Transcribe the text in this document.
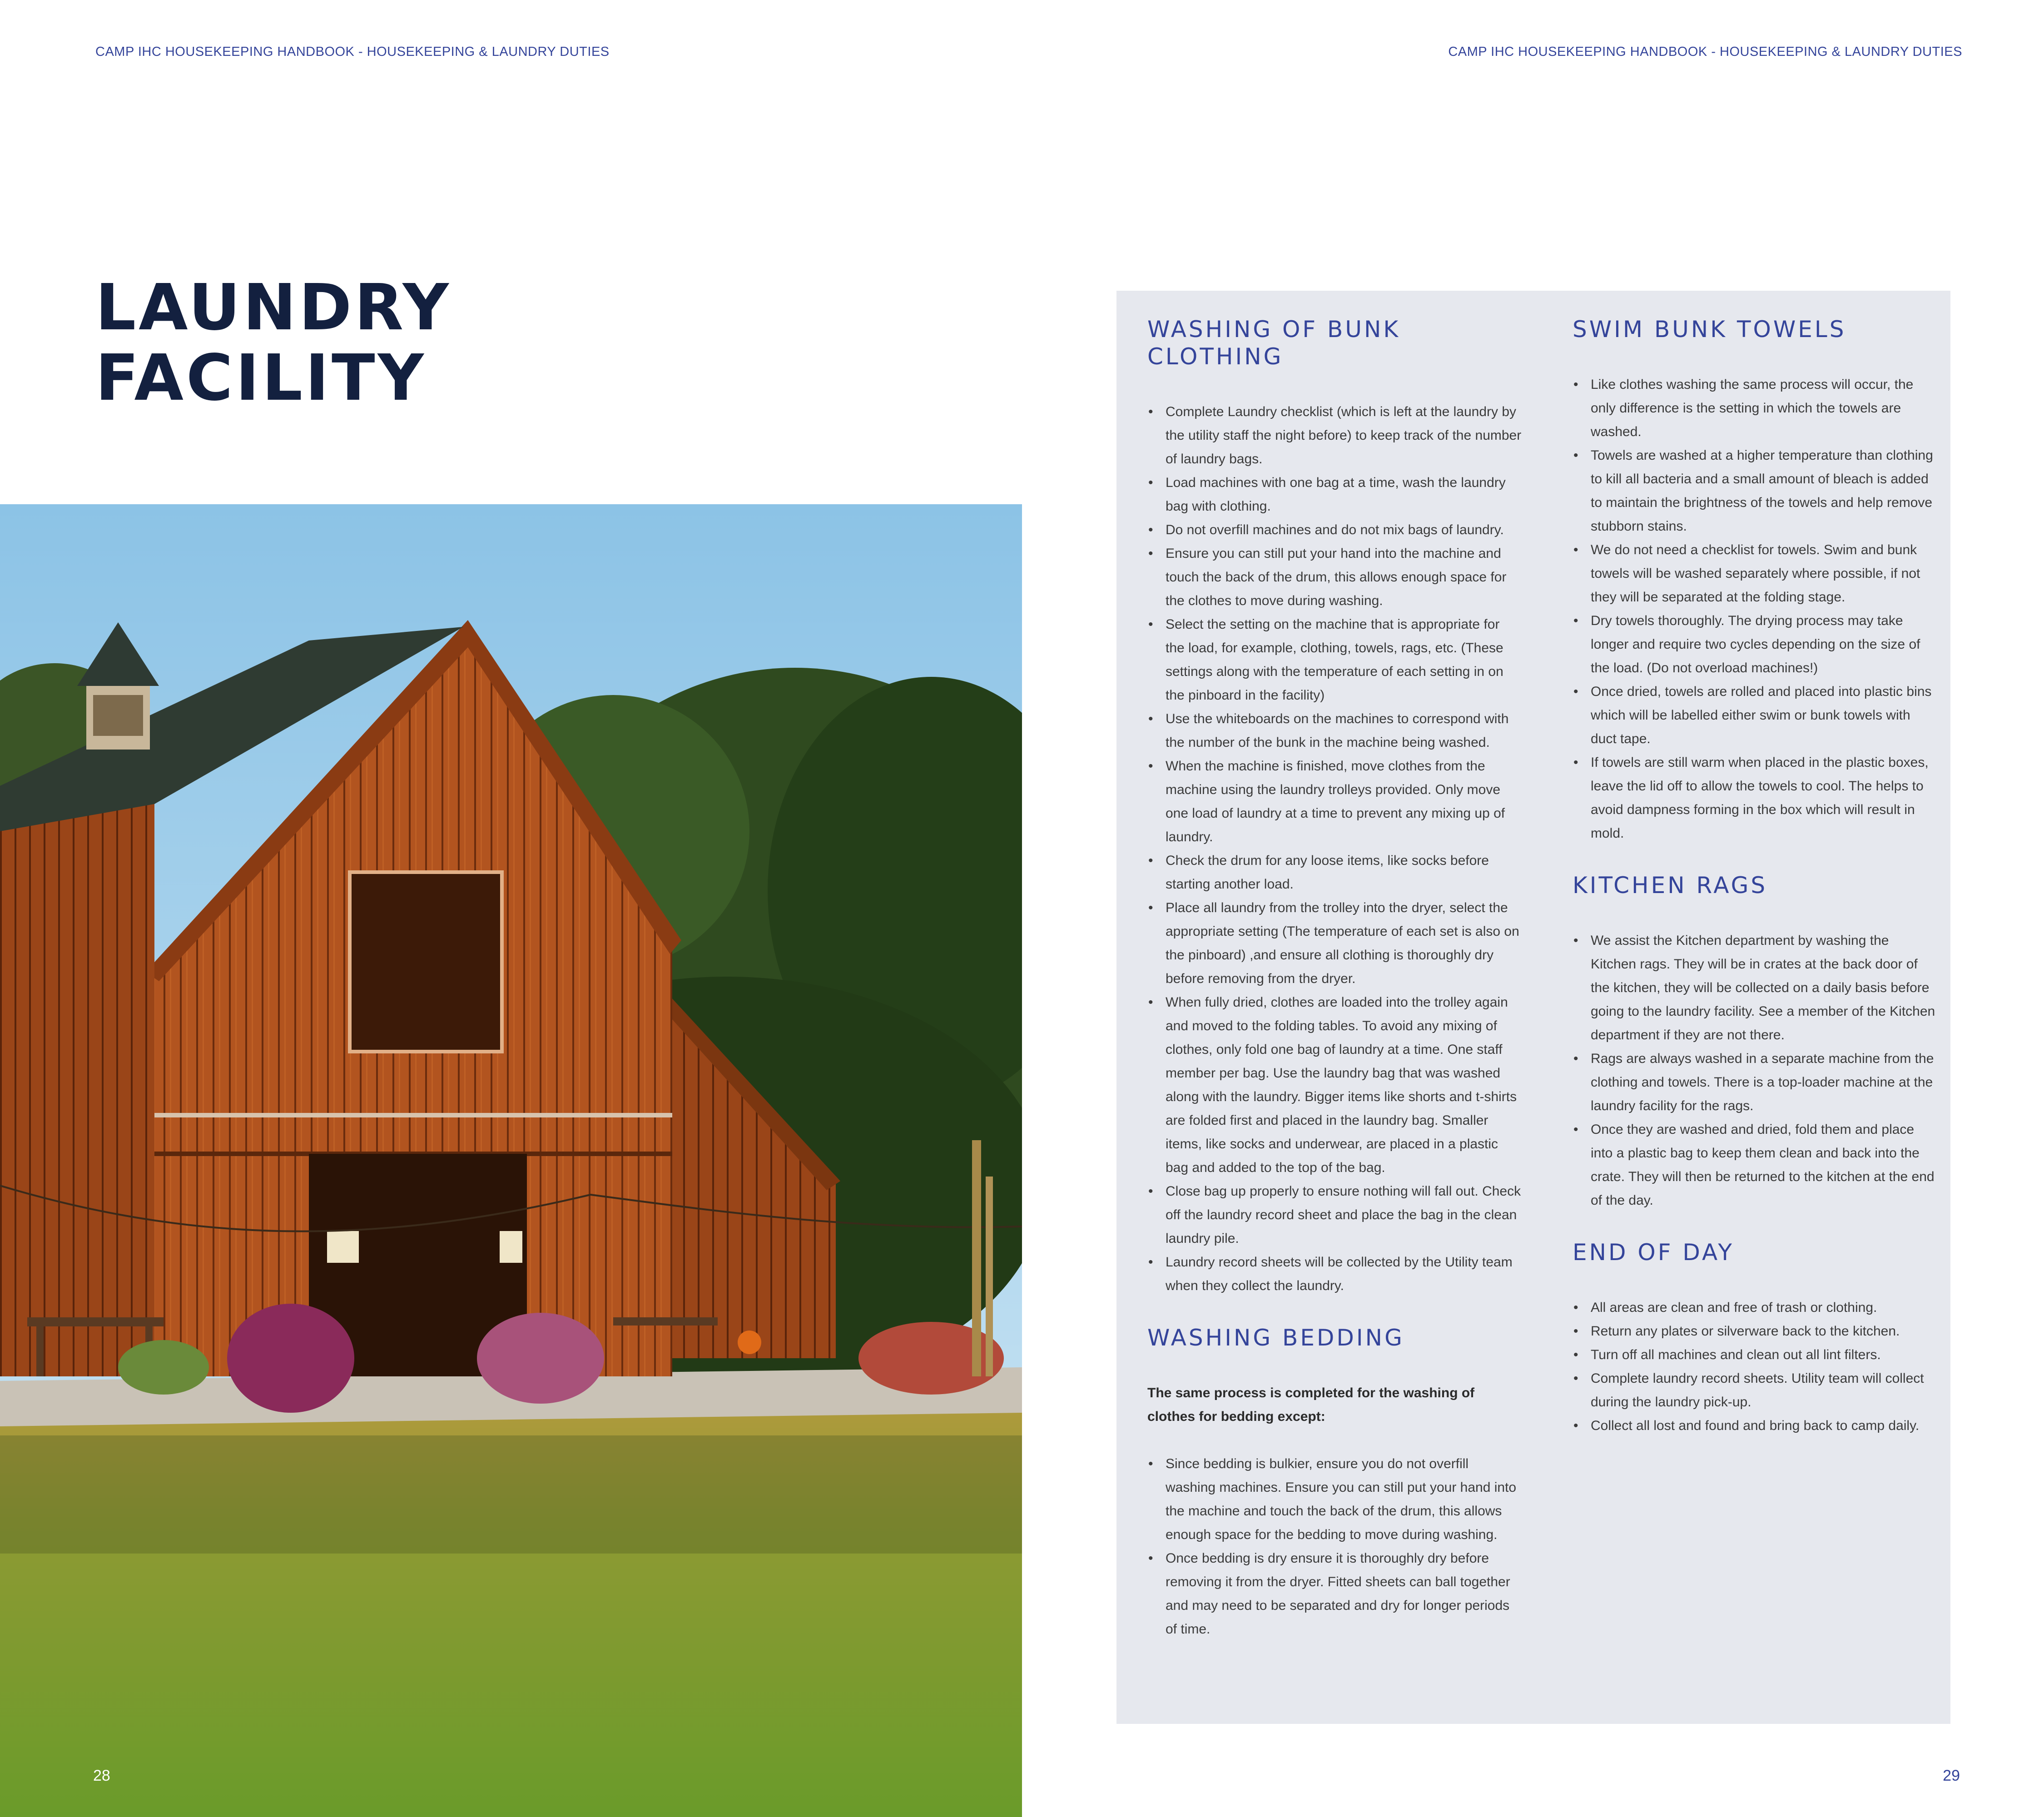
CAMP IHC HOUSEKEEPING HANDBOOK - HOUSEKEEPING & LAUNDRY DUTIES	CAMP IHC HOUSEKEEPING HANDBOOK - HOUSEKEEPING & LAUNDRY DUTIES
LAUNDRY
FACILITY
WASHING OF BUNK CLOTHING
• Complete Laundry checklist (which is left at the laundry by the utility staff the night before) to keep track of the number of laundry bags.
• Load machines with one bag at a time, wash the laundry bag with clothing.
• Do not overfill machines and do not mix bags of laundry.
• Ensure you can still put your hand into the machine and touch the back of the drum, this allows enough space for the clothes to move during washing.
• Select the setting on the machine that is appropriate for the load, for example, clothing, towels, rags, etc. (These settings along with the temperature of each setting in on the pinboard in the facility)
• Use the whiteboards on the machines to correspond with the number of the bunk in the machine being washed.
• When the machine is finished, move clothes from the machine using the laundry trolleys provided. Only move one load of laundry at a time to prevent any mixing up of laundry.
• Check the drum for any loose items, like socks before starting another load.
• Place all laundry from the trolley into the dryer, select the appropriate setting (The temperature of each set is also on the pinboard) ,and ensure all clothing is thoroughly dry before removing from the dryer.
• When fully dried, clothes are loaded into the trolley again and moved to the folding tables. To avoid any mixing of clothes, only fold one bag of laundry at a time. One staff member per bag. Use the laundry bag that was washed along with the laundry. Bigger items like shorts and t-shirts are folded first and placed in the laundry bag. Smaller items, like socks and underwear, are placed in a plastic bag and added to the top of the bag.
• Close bag up properly to ensure nothing will fall out. Check off the laundry record sheet and place the bag in the clean laundry pile.
• Laundry record sheets will be collected by the Utility team when they collect the laundry.
WASHING BEDDING

The same process is completed for the washing of clothes for bedding except:

• Since bedding is bulkier, ensure you do not overfill washing machines. Ensure you can still put your hand into the machine and touch the back of the drum, this allows enough space for the bedding to move during washing.
• Once bedding is dry ensure it is thoroughly dry before removing it from the dryer. Fitted sheets can ball together and may need to be separated and dry for longer periods of time.
SWIM BUNK TOWELS
• Like clothes washing the same process will occur, the only difference is the setting in which the towels are washed.
• Towels are washed at a higher temperature than clothing to kill all bacteria and a small amount of bleach is added to maintain the brightness of the towels and help remove stubborn stains.
• We do not need a checklist for towels. Swim and bunk towels will be washed separately where possible, if not they will be separated at the folding stage.
• Dry towels thoroughly. The drying process may take longer and require two cycles depending on the size of the load. (Do not overload machines!)
• Once dried, towels are rolled and placed into plastic bins which will be labelled either swim or bunk towels with duct tape.
• If towels are still warm when placed in the plastic boxes, leave the lid off to allow the towels to cool. The helps to avoid dampness forming in the box which will result in mold.
KITCHEN RAGS
• We assist the Kitchen department by washing the Kitchen rags. They will be in crates at the back door of the kitchen, they will be collected on a daily basis before going to the laundry facility. See a member of the Kitchen department if they are not there.
• Rags are always washed in a separate machine from the clothing and towels. There is a top-loader machine at the laundry facility for the rags.
• Once they are washed and dried, fold them and place into a plastic bag to keep them clean and back into the crate. They will then be returned to the kitchen at the end of the day.
END OF DAY
• All areas are clean and free of trash or clothing.
• Return any plates or silverware back to the kitchen.
• Turn off all machines and clean out all lint filters.
• Complete laundry record sheets. Utility team will collect during the laundry pick-up.
• Collect all lost and found and bring back to camp daily.
28	29
